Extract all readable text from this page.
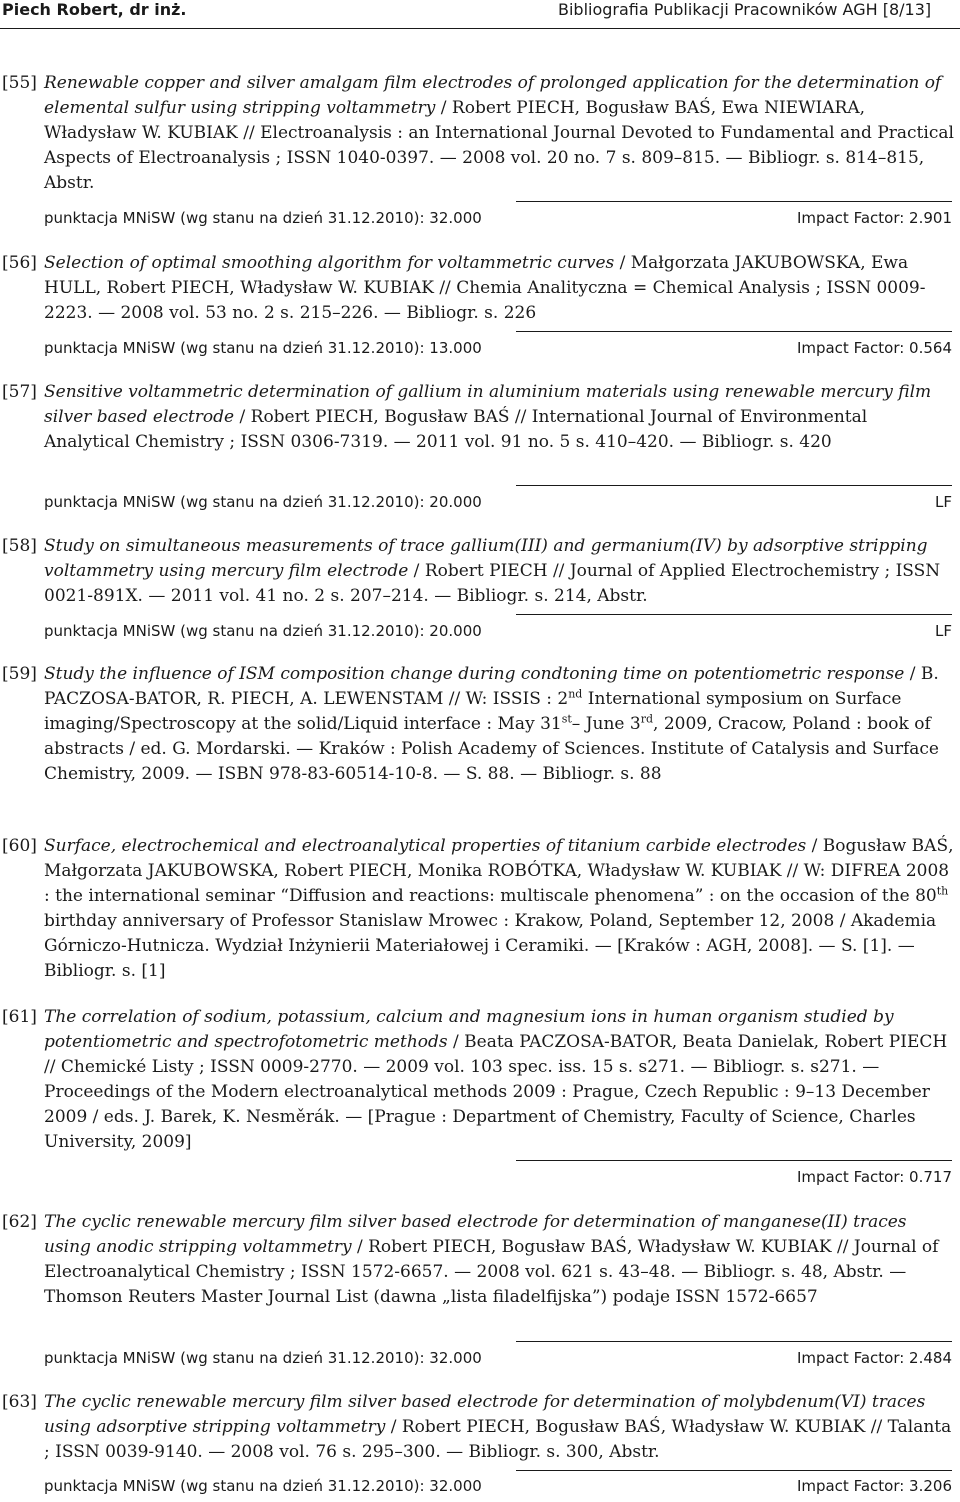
Piech Robert, dr inż.	Bibliografia Publikacji Pracowników AGH [8/13]
[55] Renewable copper and silver amalgam film electrodes of prolonged application for the determination of elemental sulfur using stripping voltammetry / Robert PIECH, Bogusław BAŚ, Ewa NIEWIARA, Władysław W. KUBIAK // Electroanalysis : an International Journal Devoted to Fundamental and Practical Aspects of Electroanalysis ; ISSN 1040-0397. — 2008 vol. 20 no. 7 s. 809–815. — Bibliogr. s. 814–815, Abstr.
punktacja MNiSW (wg stanu na dzień 31.12.2010): 32.000	Impact Factor: 2.901
[56] Selection of optimal smoothing algorithm for voltammetric curves / Małgorzata JAKUBOWSKA, Ewa HULL, Robert PIECH, Władysław W. KUBIAK // Chemia Analityczna = Chemical Analysis ; ISSN 0009-2223. — 2008 vol. 53 no. 2 s. 215–226. — Bibliogr. s. 226
punktacja MNiSW (wg stanu na dzień 31.12.2010): 13.000	Impact Factor: 0.564
[57] Sensitive voltammetric determination of gallium in aluminium materials using renewable mercury film silver based electrode / Robert PIECH, Bogusław BAŚ // International Journal of Environmental Analytical Chemistry ; ISSN 0306-7319. — 2011 vol. 91 no. 5 s. 410–420. — Bibliogr. s. 420
punktacja MNiSW (wg stanu na dzień 31.12.2010): 20.000	LF
[58] Study on simultaneous measurements of trace gallium(III) and germanium(IV) by adsorptive stripping voltammetry using mercury film electrode / Robert PIECH // Journal of Applied Electrochemistry ; ISSN 0021-891X. — 2011 vol. 41 no. 2 s. 207–214. — Bibliogr. s. 214, Abstr.
punktacja MNiSW (wg stanu na dzień 31.12.2010): 20.000	LF
[59] Study the influence of ISM composition change during condtoning time on potentiometric response / B. PACZOSA-BATOR, R. PIECH, A. LEWENSTAM // W: ISSIS : 2nd International symposium on Surface imaging/Spectroscopy at the solid/Liquid interface : May 31st– June 3rd, 2009, Cracow, Poland : book of abstracts / ed. G. Mordarski. — Kraków : Polish Academy of Sciences. Institute of Catalysis and Surface Chemistry, 2009. — ISBN 978-83-60514-10-8. — S. 88. — Bibliogr. s. 88
[60] Surface, electrochemical and electroanalytical properties of titanium carbide electrodes / Bogusław BAŚ, Małgorzata JAKUBOWSKA, Robert PIECH, Monika ROBÓTKA, Władysław W. KUBIAK // W: DIFREA 2008 : the international seminar “Diffusion and reactions: multiscale phenomena” : on the occasion of the 80th birthday anniversary of Professor Stanislaw Mrowec : Krakow, Poland, September 12, 2008 / Akademia Górniczo-Hutnicza. Wydział Inżynierii Materiałowej i Ceramiki. — [Kraków : AGH, 2008]. — S. [1]. — Bibliogr. s. [1]
[61] The correlation of sodium, potassium, calcium and magnesium ions in human organism studied by potentiometric and spectrofotometric methods / Beata PACZOSA-BATOR, Beata Danielak, Robert PIECH // Chemické Listy ; ISSN 0009-2770. — 2009 vol. 103 spec. iss. 15 s. s271. — Bibliogr. s. s271. — Proceedings of the Modern electroanalytical methods 2009 : Prague, Czech Republic : 9–13 December 2009 / eds. J. Barek, K. Nesměrák. — [Prague : Department of Chemistry, Faculty of Science, Charles University, 2009]
Impact Factor: 0.717
[62] The cyclic renewable mercury film silver based electrode for determination of manganese(II) traces using anodic stripping voltammetry / Robert PIECH, Bogusław BAŚ, Władysław W. KUBIAK // Journal of Electroanalytical Chemistry ; ISSN 1572-6657. — 2008 vol. 621 s. 43–48. — Bibliogr. s. 48, Abstr. — Thomson Reuters Master Journal List (dawna „lista filadelfijska”) podaje ISSN 1572-6657
punktacja MNiSW (wg stanu na dzień 31.12.2010): 32.000	Impact Factor: 2.484
[63] The cyclic renewable mercury film silver based electrode for determination of molybdenum(VI) traces using adsorptive stripping voltammetry / Robert PIECH, Bogusław BAŚ, Władysław W. KUBIAK // Talanta ; ISSN 0039-9140. — 2008 vol. 76 s. 295–300. — Bibliogr. s. 300, Abstr.
punktacja MNiSW (wg stanu na dzień 31.12.2010): 32.000	Impact Factor: 3.206
